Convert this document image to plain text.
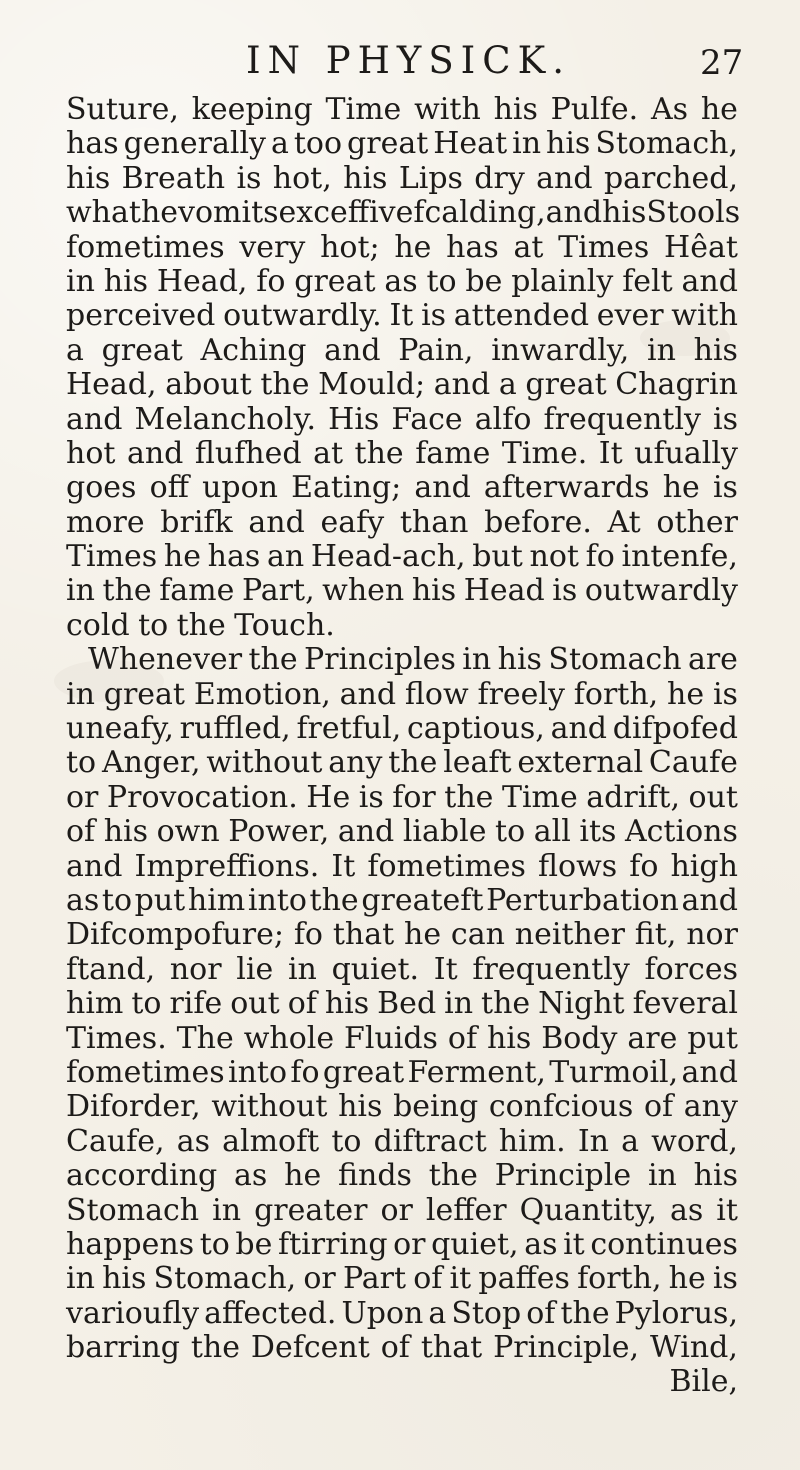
IN PHYSICK.	27
Suture, keeping Time with his Pulfe. As he
has generally a too great Heat in his Stomach,
his Breath is hot, his Lips dry and parched,
what he vomits exceffive fcalding, and his Stools
fometimes very hot; he has at Times Hêat
in his Head, fo great as to be plainly felt and
perceived outwardly. It is attended ever with
a great Aching and Pain, inwardly, in his
Head, about the Mould; and a great Chagrin
and Melancholy. His Face alfo frequently is
hot and flufhed at the fame Time. It ufually
goes off upon Eating; and afterwards he is
more brifk and eafy than before. At other
Times he has an Head-ach, but not fo intenfe,
in the fame Part, when his Head is outwardly
cold to the Touch.
Whenever the Principles in his Stomach are
in great Emotion, and flow freely forth, he is
uneafy, ruffled, fretful, captious, and difpofed
to Anger, without any the leaft external Caufe
or Provocation. He is for the Time adrift, out
of his own Power, and liable to all its Actions
and Impreffions. It fometimes flows fo high
as to put him into the greateft Perturbation and
Difcompofure; fo that he can neither fit, nor
ftand, nor lie in quiet. It frequently forces
him to rife out of his Bed in the Night feveral
Times. The whole Fluids of his Body are put
fometimes into fo great Ferment, Turmoil, and
Diforder, without his being confcious of any
Caufe, as almoft to diftract him. In a word,
according as he finds the Principle in his
Stomach in greater or leffer Quantity, as it
happens to be ftirring or quiet, as it continues
in his Stomach, or Part of it paffes forth, he is
varioufly affected. Upon a Stop of the Pylorus,
barring the Defcent of that Principle, Wind,
Bile,
